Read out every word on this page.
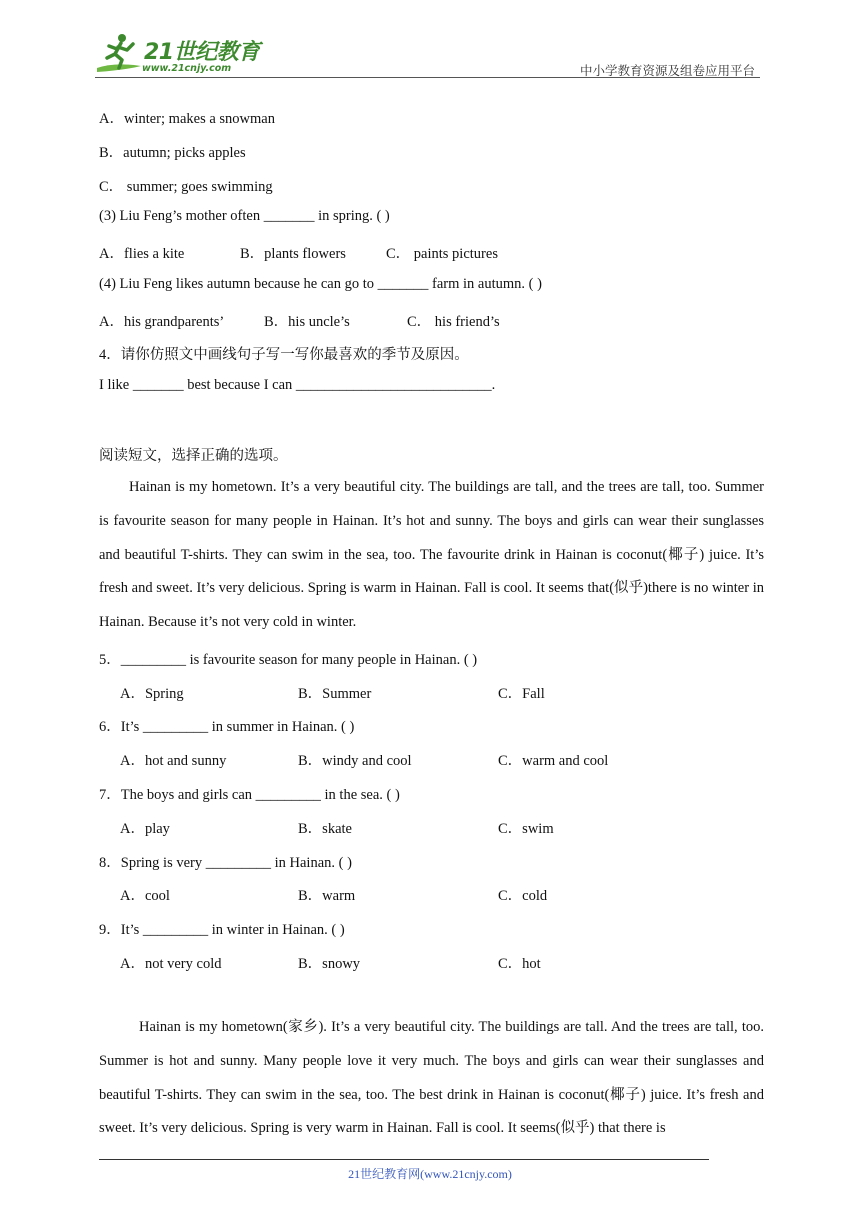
21世纪教育
www.21cnjy.com	中小学教育资源及组卷应用平台
A．winter; makes a snowman
B．autumn; picks apples
C． summer; goes swimming
(3) Liu Feng’s mother often _______ in spring. ( )
A．flies a kite	B．plants flowers	C． paints pictures
(4) Liu Feng likes autumn because he can go to _______ farm in autumn. ( )
A．his grandparents’	B．his uncle’s	C． his friend’s
4．请你仿照文中画线句子写一写你最喜欢的季节及原因。
I like _______ best because I can ___________________________.
阅读短文，选择正确的选项。

Hainan is my hometown. It’s a very beautiful city. The buildings are tall, and the trees are tall, too. Summer is favourite season for many people in Hainan. It’s hot and sunny. The boys and girls can wear their sunglasses and beautiful T-shirts. They can swim in the sea, too. The favourite drink in Hainan is coconut(椰子) juice. It’s fresh and sweet. It’s very delicious. Spring is warm in Hainan. Fall is cool. It seems that(似乎)there is no winter in Hainan. Because it’s not very cold in winter.

5．_________ is favourite season for many people in Hainan. ( )
A．Spring	B．Summer	C．Fall
6．It’s _________ in summer in Hainan. ( )
A．hot and sunny	B．windy and cool	C．warm and cool
7．The boys and girls can _________ in the sea. ( )
A．play	B．skate	C．swim
8．Spring is very _________ in Hainan. ( )
A．cool	B．warm	C．cold
9．It’s _________ in winter in Hainan. ( )
A．not very cold	B．snowy	C．hot

Hainan is my hometown(家乡). It’s a very beautiful city. The buildings are tall. And the trees are tall, too. Summer is hot and sunny. Many people love it very much. The boys and girls can wear their sunglasses and beautiful T-shirts. They can swim in the sea, too. The best drink in Hainan is coconut(椰子) juice. It’s fresh and sweet. It’s very delicious. Spring is very warm in Hainan. Fall is cool. It seems(似乎) that there is

21世纪教育网(www.21cnjy.com)
